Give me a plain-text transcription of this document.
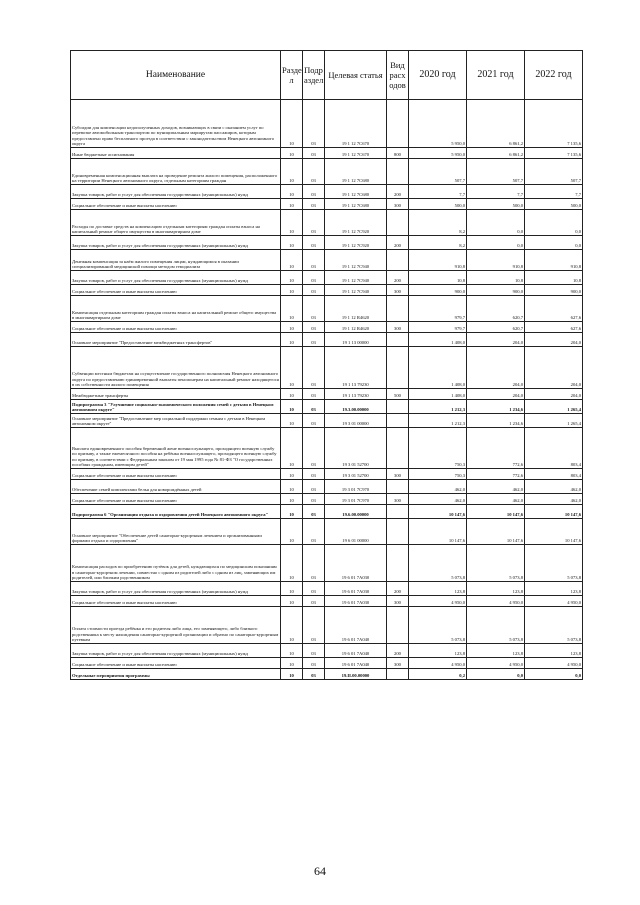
Наименование	Разде л	Подр аздел	Целевая статья	Вид расх одов	2020 год	2021 год	2022 год
Субсидии для компенсации недополученных доходов, возникающих в связи с оказанием услуг по перевозке автомобильным транспортом по муниципальным маршрутам пассажиров, которым предоставлено право бесплатного проезда в соответствии с законодательством Ненецкого автономного округа	10	03	19 1 12 7С670		5 950,0	6 861,2	7 135,6
Иные бюджетные ассигнования	10	03	19 1 12 7С670	800	5 950,0	6 861,2	7 135,6
Единовременная компенсационная выплата на проведение ремонта жилого помещения, расположенного на территории Ненецкого автономного округа, отдельным категориям граждан	10	03	19 1 12 7С680		507,7	507,7	507,7
Закупка товаров, работ и услуг для обеспечения государственных (муниципальных) нужд	10	03	19 1 12 7С680	200	7,7	7,7	7,7
Социальное обеспечение и иные выплаты населению	10	03	19 1 12 7С680	300	500,0	500,0	500,0
Расходы по доставке средств на компенсацию отдельным категориям граждан оплаты взноса на капитальный ремонт общего имущества в многоквартирном доме	10	03	19 1 12 7С920		8,2	0,0	0,0
Закупка товаров, работ и услуг для обеспечения государственных (муниципальных) нужд	10	03	19 1 12 7С920	200	8,2	0,0	0,0
Денежная компенсация за наём жилого помещения лицам, нуждающимся в оказании специализированной медицинской помощи методом гемодиализа	10	03	19 1 12 7С940		910,8	910,8	910,8
Закупка товаров, работ и услуг для обеспечения государственных (муниципальных) нужд	10	03	19 1 12 7С940	200	10,8	10,8	10,8
Социальное обеспечение и иные выплаты населению	10	03	19 1 12 7С940	300	900,0	900,0	900,0
Компенсация отдельным категориям граждан оплаты взноса на капитальный ремонт общего имущества в многоквартирном доме	10	03	19 1 12 R4620		979,7	620,7	627,6
Социальное обеспечение и иные выплаты населению	10	03	19 1 12 R4620	300	979,7	620,7	627,6
Основное мероприятие "Предоставление межбюджетных трансфертов"	10	03	19 1 13 00000		1 408,0	204,0	204,0
Субвенции местным бюджетам на осуществление государственного полномочия Ненецкого автономного округа по предоставлению единовременной выплаты пенсионерам на капитальный ремонт находящегося в их собственности жилого помещения	10	03	19 1 13 79230		1 408,0	204,0	204,0
Межбюджетные трансферты	10	03	19 1 13 79230	500	1 408,0	204,0	204,0
Подпрограмма 3 "Улучшение социально-экономического положения семей с детьми в Ненецком автономном округе"	10	03	19.3.00.00000		1 212,3	1 234,6	1 265,4
Основное мероприятие "Предоставление мер социальной поддержки семьям с детьми в Ненецком автономном округе"	10	03	19 3 01 00000		1 212,3	1 234,6	1 265,4
Выплата единовременного пособия беременной жене военнослужащего, проходящего военную службу по призыву, а также ежемесячного пособия на ребёнка военнослужащего, проходящего военную службу по призыву, в соответствии с Федеральным законом от 19 мая 1995 года № 81-ФЗ "О государственных пособиях гражданам, имеющим детей"	10	03	19 3 01 52700		750,3	772,6	803,4
Социальное обеспечение и иные выплаты населению	10	03	19 3 01 52700	300	750,3	772,6	803,4
Обеспечение семей комплектами белья для новорождённых детей	10	03	19 3 01 7С970		462,0	462,0	462,0
Социальное обеспечение и иные выплаты населению	10	03	19 3 01 7С970	300	462,0	462,0	462,0
Подпрограмма 6 "Организация отдыха и оздоровления детей Ненецкого автономного округа"	10	03	19.6.00.00000		10 147,6	10 147,6	10 147,6
Основное мероприятие "Обеспечение детей санаторно-курортным лечением и организованными формами отдыха и оздоровления"	10	03	19 6 01 00000		10 147,6	10 147,6	10 147,6
Компенсация расходов по приобретению путёвок для детей, нуждающихся по медицинским показаниям в санаторно-курортном лечении, совместно с одним из родителей либо с одним из лиц, заменяющих им родителей, или близким родственником	10	03	19 6 01 7А030		5 073,8	5 073,8	5 073,8
Закупка товаров, работ и услуг для обеспечения государственных (муниципальных) нужд	10	03	19 6 01 7А030	200	123,8	123,8	123,8
Социальное обеспечение и иные выплаты населению	10	03	19 6 01 7А030	300	4 950,0	4 950,0	4 950,0
Оплата стоимости проезда ребёнка и его родителя либо лица, его заменяющего, либо близкого родственника к месту нахождения санаторно-курортной организации и обратно по санаторно-курортным путевкам	10	03	19 6 01 7А040		5 073,8	5 073,8	5 073,8
Закупка товаров, работ и услуг для обеспечения государственных (муниципальных) нужд	10	03	19 6 01 7А040	200	123,8	123,8	123,8
Социальное обеспечение и иные выплаты населению	10	03	19 6 01 7А040	300	4 950,0	4 950,0	4 950,0
Отдельные мероприятия программы	10	03	19.II.00.00000		0,2	0,0	0,0
64
